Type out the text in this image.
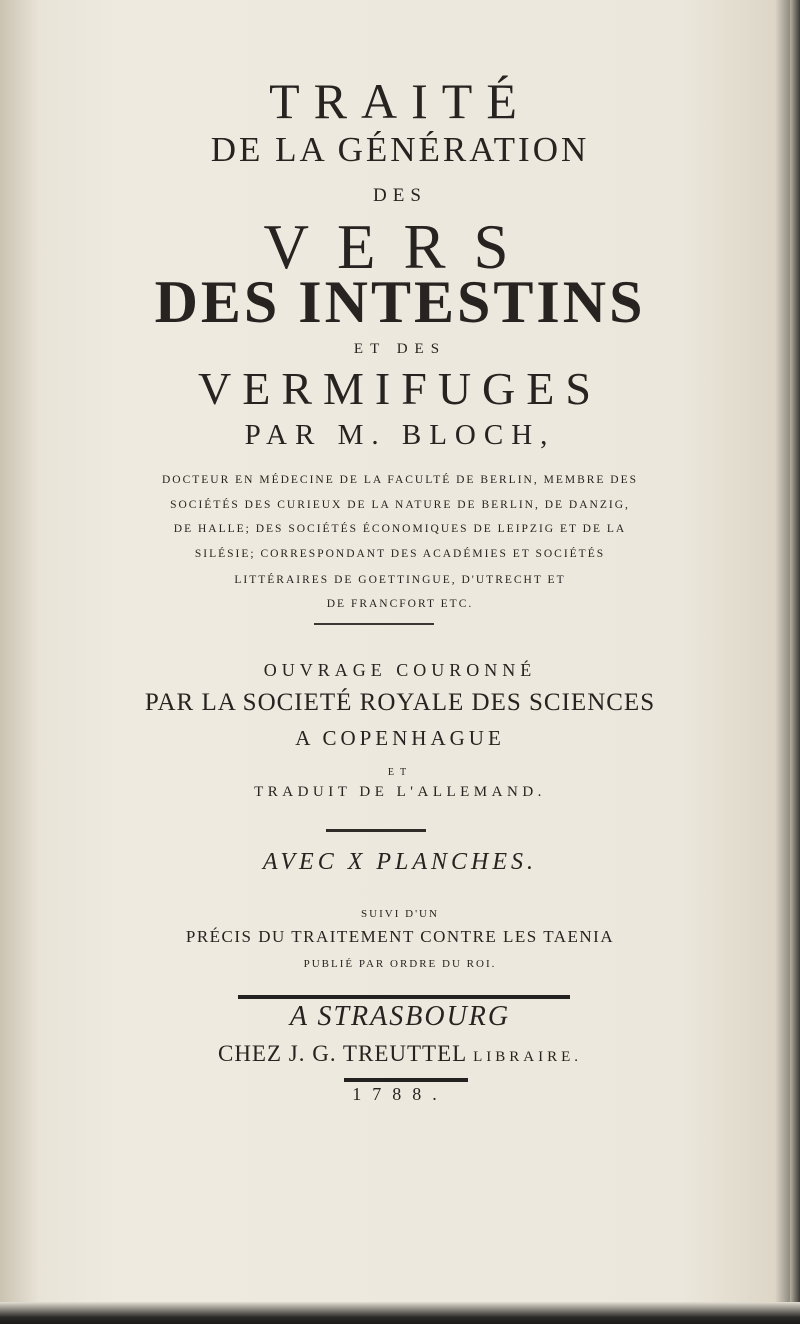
TRAITÉ
DE LA GÉNÉRATION
DES
VERS
DES INTESTINS
ET DES
VERMIFUGES
PAR M. BLOCH,
DOCTEUR EN MÉDECINE DE LA FACULTÉ DE BERLIN, MEMBRE DES
SOCIÉTÉS DES CURIEUX DE LA NATURE DE BERLIN, DE DANZIG,
DE HALLE; DES SOCIÉTÉS ÉCONOMIQUES DE LEIPZIG ET DE LA
SILÉSIE; CORRESPONDANT DES ACADÉMIES ET SOCIÉTÉS
LITTÉRAIRES DE GOETTINGUE, D'UTRECHT ET
DE FRANCFORT ETC.
OUVRAGE COURONNÉ
PAR LA SOCIETÉ ROYALE DES SCIENCES
A COPENHAGUE
ET
TRADUIT DE L'ALLEMAND.
AVEC X PLANCHES.
SUIVI D'UN
PRÉCIS DU TRAITEMENT CONTRE LES TAENIA
PUBLIÉ PAR ORDRE DU ROI.
A STRASBOURG
CHEZ J. G. TREUTTEL LIBRAIRE.
1788.
